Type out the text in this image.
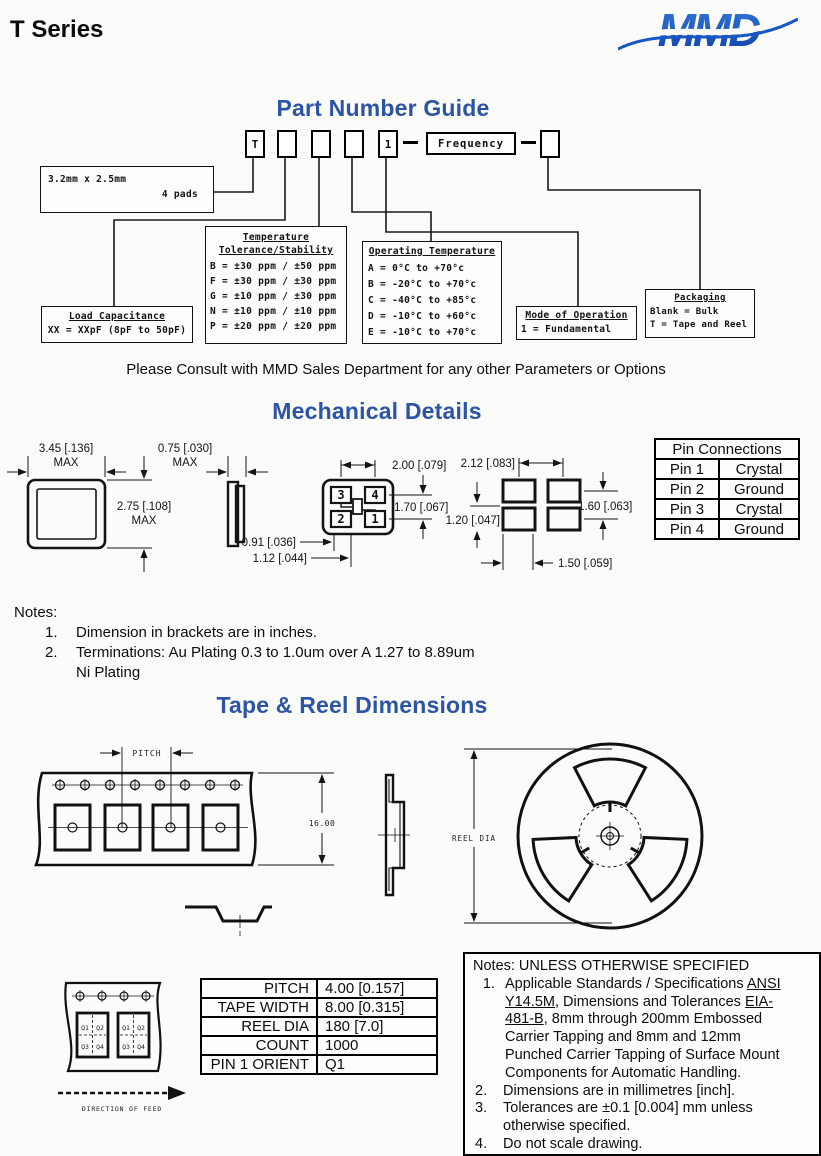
T Series	MMD
Part Number Guide
T	1	Frequency
3.2mm x 2.5mm
4 pads
Load Capacitance
XX = XXpF (8pF to 50pF)
Temperature
Tolerance/Stability
B = ±30 ppm / ±50 ppm
F = ±30 ppm / ±30 ppm
G = ±10 ppm / ±30 ppm
N = ±10 ppm / ±10 ppm
P = ±20 ppm / ±20 ppm
Operating Temperature
A = 0°C to +70°c
B = -20°C to +70°c
C = -40°C to +85°c
D = -10°C to +60°c
E = -10°C to +70°c
Mode of Operation
1 = Fundamental
Packaging
Blank = Bulk
T = Tape and Reel
Please Consult with MMD Sales Department for any other Parameters or Options
Mechanical Details
3.45 [.136]
MAX
2.75 [.108]
MAX
0.75 [.030]
MAX
0.91 [.036]
1.12 [.044]
3 4
2 1
2.00 [.079]
1.70 [.067]
2.12 [.083]
1.20 [.047]
1.60 [.063]
1.50 [.059]
Pin Connections	
Pin 1	Crystal
Pin 2	Ground
Pin 3	Crystal
Pin 4	Ground
Notes:
1.	Dimension in brackets are in inches.
2.	Terminations: Au Plating 0.3 to 1.0um over A 1.27 to 8.89um Ni Plating
Tape & Reel Dimensions
PITCH
16.00
REEL DIA
Q1 Q2
Q3 Q4
Q1 Q2
Q3 Q4
DIRECTION OF FEED
PITCH	4.00 [0.157]
TAPE WIDTH	8.00 [0.315]
REEL DIA	180 [7.0]
COUNT	1000
PIN 1 ORIENT	Q1
Notes: UNLESS OTHERWISE SPECIFIED
1. Applicable Standards / Specifications ANSI Y14.5M, Dimensions and Tolerances EIA-481-B, 8mm through 200mm Embossed Carrier Tapping and 8mm and 12mm Punched Carrier Tapping of Surface Mount Components for Automatic Handling.
2.	Dimensions are in millimetres [inch].
3.	Tolerances are ±0.1 [0.004] mm unless otherwise specified.
4.	Do not scale drawing.
